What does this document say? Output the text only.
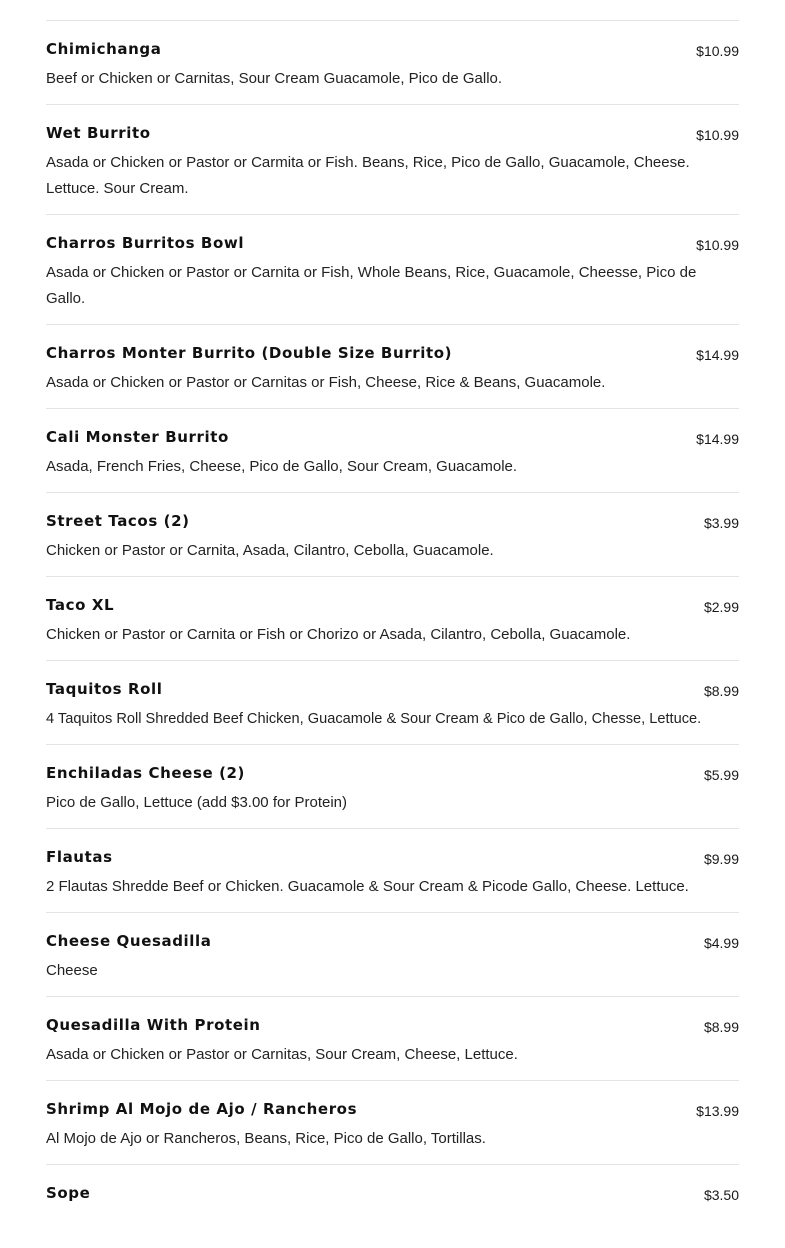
Chimichanga	$10.99
Beef or Chicken or Carnitas, Sour Cream Guacamole, Pico de Gallo.
Wet Burrito	$10.99
Asada or Chicken or Pastor or Carmita or Fish. Beans, Rice, Pico de Gallo, Guacamole, Cheese. Lettuce. Sour Cream.
Charros Burritos Bowl	$10.99
Asada or Chicken or Pastor or Carnita or Fish, Whole Beans, Rice, Guacamole, Cheesse, Pico de Gallo.
Charros Monter Burrito (Double Size Burrito)	$14.99
Asada or Chicken or Pastor or Carnitas or Fish, Cheese, Rice & Beans, Guacamole.
Cali Monster Burrito	$14.99
Asada, French Fries, Cheese, Pico de Gallo, Sour Cream, Guacamole.
Street Tacos (2)	$3.99
Chicken or Pastor or Carnita, Asada, Cilantro, Cebolla, Guacamole.
Taco XL	$2.99
Chicken or Pastor or Carnita or Fish or Chorizo or Asada, Cilantro, Cebolla, Guacamole.
Taquitos Roll	$8.99
4 Taquitos Roll Shredded Beef Chicken, Guacamole & Sour Cream & Pico de Gallo, Chesse, Lettuce.
Enchiladas Cheese (2)	$5.99
Pico de Gallo, Lettuce (add $3.00 for Protein)
Flautas	$9.99
2 Flautas Shredde Beef or Chicken. Guacamole & Sour Cream & Picode Gallo, Cheese. Lettuce.
Cheese Quesadilla	$4.99
Cheese
Quesadilla With Protein	$8.99
Asada or Chicken or Pastor or Carnitas, Sour Cream, Cheese, Lettuce.
Shrimp Al Mojo de Ajo / Rancheros	$13.99
Al Mojo de Ajo or Rancheros, Beans, Rice, Pico de Gallo, Tortillas.
Sope	$3.50
